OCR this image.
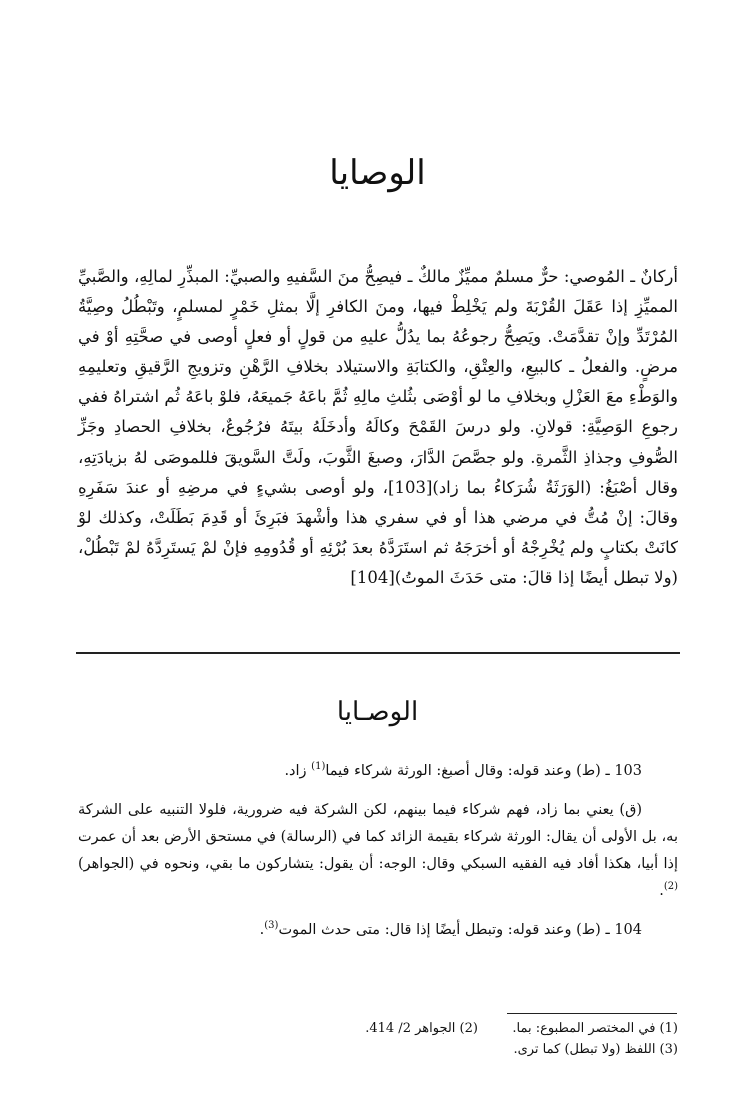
الوصايا

أركانٌ ـ المُوصي: حرٌّ مسلمٌ مميِّزٌ مالكٌ ـ فيصِحُّ منَ السَّفيهِ والصبيِّ: المبذِّرِ لمالِهِ، والصَّبيِّ المميِّزِ إذا عَقَلَ القُرْبَةَ ولم يَخْلِطْ فيها، ومنَ الكافرِ إلَّا بمثلِ خَمْرٍ لمسلمٍ، وتَبْطُلُ وصِيَّةُ المُرْتَدِّ وإنْ تقدَّمَتْ. ويَصِحُّ رجوعُهُ بما يدُلُّ عليهِ من قولٍ أو فعلٍ أوصى في صحَّتِهِ أوْ في مرضٍ. والفعلُ ـ كالبيعِ، والعِتْقِ، والكتابَةِ والاستيلاد بخلافِ الرَّهْنِ وتزويجِ الرَّقيقِ وتعليمِهِ والوَطْءِ معَ العَزْلِ وبخلافِ ما لو أوْصَى بثُلثِ مالِهِ ثُمَّ باعَهُ جَميعَهُ، فلوْ باعَهُ ثُم اشتراهُ ففي رجوعِ الوَصِيَّةِ: قولانِ. ولو درسَ القَمْحَ وكالَهُ وأدخَلَهُ بيتَهُ فرُجُوعٌ، بخلافِ الحصادِ وجَزِّ الصُّوفِ وجذاذِ الثَّمرةِ. ولو جصَّصَ الدَّارَ، وصبغَ الثَّوبَ، ولَتَّ السَّويقَ فللموصَى لهُ بزيادَتِهِ، وقال أصْبَغُ: (الوَرَثَةُ شُرَكاءُ بما زاد)[103]، ولو أوصى بشيءٍ في مرضِهِ أو عندَ سَفَرِهِ وقالَ: إنْ مُتُّ في مرضي هذا أو في سفري هذا وأشْهدَ فبَرِئَ أو قَدِمَ بَطَلَتْ، وكذلك لوْ كانَتْ بكتابٍ ولم يُخْرِجْهُ أو أخرَجَهُ ثم استَرَدَّهُ بعدَ بُرْئِهِ أو قُدُومِهِ فإنْ لمْ يَستَرِدَّهُ لمْ تَبْطُلْ، (ولا تبطل أيضًا إذا قالَ: متى حَدَثَ الموتُ)[104]

الوصـايا
103 ـ (ط) وعند قوله: وقال أصبغ: الورثة شركاء فيما$^{(1)}$ زاد.
(ق) يعني بما زاد، فهم شركاء فيما بينهم، لكن الشركة فيه ضرورية، فلولا التنبيه على الشركة به، بل الأولى أن يقال: الورثة شركاء بقيمة الزائد كما في (الرسالة) في مستحق الأرض بعد أن عمرت إذا أبيا، هكذا أفاد فيه الفقيه السبكي وقال: الوجه: أن يقول: يتشاركون ما بقي، ونحوه في (الجواهر) $^{(2)}$.
104 ـ (ط) وعند قوله: وتبطل أيضًا إذا قال: متى حدث الموت$^{(3)}$.
(1) في المختصر المطبوع: بما.
(2) الجواهر 2/ 414.
(3) اللفظ (ولا تبطل) كما ترى.
